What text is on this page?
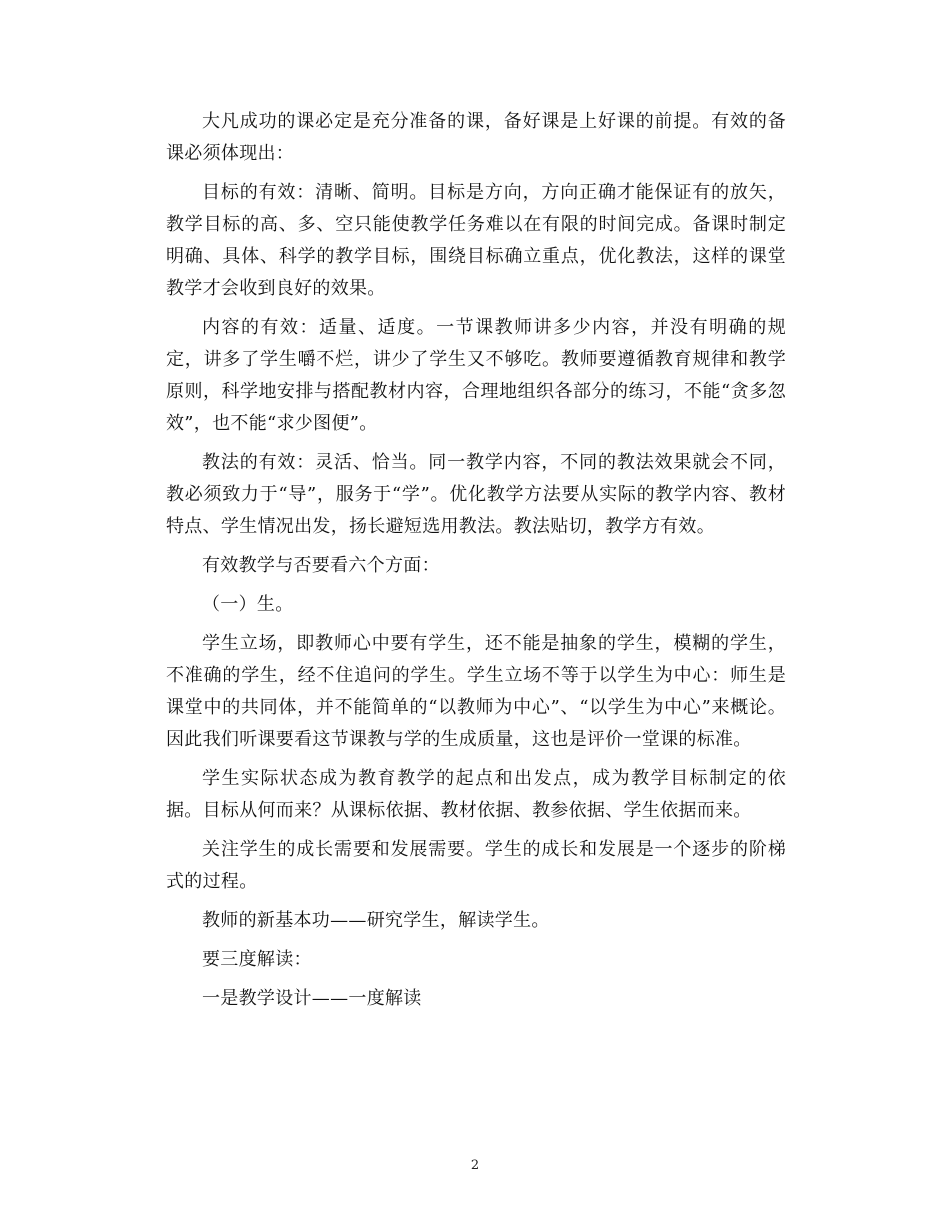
大凡成功的课必定是充分准备的课，备好课是上好课的前提。有效的备课必须体现出：

目标的有效：清晰、简明。目标是方向，方向正确才能保证有的放矢，教学目标的高、多、空只能使教学任务难以在有限的时间完成。备课时制定明确、具体、科学的教学目标，围绕目标确立重点，优化教法，这样的课堂教学才会收到良好的效果。

内容的有效：适量、适度。一节课教师讲多少内容，并没有明确的规定，讲多了学生嚼不烂，讲少了学生又不够吃。教师要遵循教育规律和教学原则，科学地安排与搭配教材内容，合理地组织各部分的练习，不能“贪多忽效”，也不能“求少图便”。

教法的有效：灵活、恰当。同一教学内容，不同的教法效果就会不同，教必须致力于“导”，服务于“学”。优化教学方法要从实际的教学内容、教材特点、学生情况出发，扬长避短选用教法。教法贴切，教学方有效。

有效教学与否要看六个方面：

（一）生。

学生立场，即教师心中要有学生，还不能是抽象的学生，模糊的学生，不准确的学生，经不住追问的学生。学生立场不等于以学生为中心：师生是课堂中的共同体，并不能简单的“以教师为中心”、“以学生为中心”来概论。因此我们听课要看这节课教与学的生成质量，这也是评价一堂课的标准。

学生实际状态成为教育教学的起点和出发点，成为教学目标制定的依据。目标从何而来？从课标依据、教材依据、教参依据、学生依据而来。

关注学生的成长需要和发展需要。学生的成长和发展是一个逐步的阶梯式的过程。

教师的新基本功——研究学生，解读学生。

要三度解读：

一是教学设计——一度解读

2
